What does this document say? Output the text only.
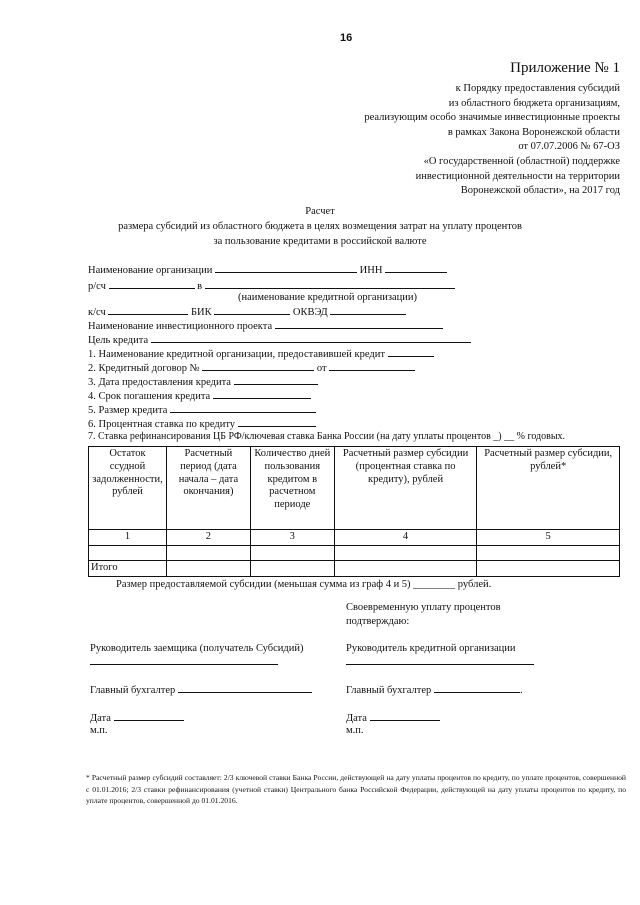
16
Приложение № 1
к Порядку предоставления субсидий
из областного бюджета организациям,
реализующим особо значимые инвестиционные проекты
в рамках Закона Воронежской области
от 07.07.2006 № 67-ОЗ
«О государственной (областной) поддержке
инвестиционной деятельности на территории
Воронежской области», на 2017 год
Расчет
размера субсидий из областного бюджета в целях возмещения затрат на уплату процентов
за пользование кредитами в российской валюте
Наименование организации	ИНН
р/сч	в
(наименование кредитной организации)
к/сч	БИК	ОКВЭД
Наименование инвестиционного проекта
Цель кредита
1. Наименование кредитной организации, предоставившей кредит
2. Кредитный договор №	от
3. Дата предоставления кредита
4. Срок погашения кредита
5. Размер кредита
6. Процентная ставка по кредиту
7. Ставка рефинансирования ЦБ РФ/ключевая ставка Банка России (на дату уплаты процентов _) __ % годовых.
Остаток ссудной задолженности, рублей	Расчетный период (дата начала – дата окончания)	Количество дней пользования кредитом в расчетном периоде	Расчетный размер субсидии (процентная ставка по кредиту), рублей	Расчетный размер субсидии, рублей*
1	2	3	4	5

Итого				
Размер предоставляемой субсидии (меньшая сумма из граф 4 и 5) ________ рублей.
Своевременную уплату процентов
подтверждаю:
Руководитель заемщика (получатель Субсидий)
Главный бухгалтер
Дата
м.п.
Руководитель кредитной организации
Главный бухгалтер	.
Дата
м.п.
* Расчетный размер субсидий составляет: 2/3 ключевой ставки Банка России, действующей на дату уплаты процентов по кредиту, по уплате процентов, совершенной с 01.01.2016; 2/3 ставки рефинансирования (учетной ставки) Центрального банка Российской Федерации, действующей на дату уплаты процентов по кредиту, по уплате процентов, совершенной до 01.01.2016.
